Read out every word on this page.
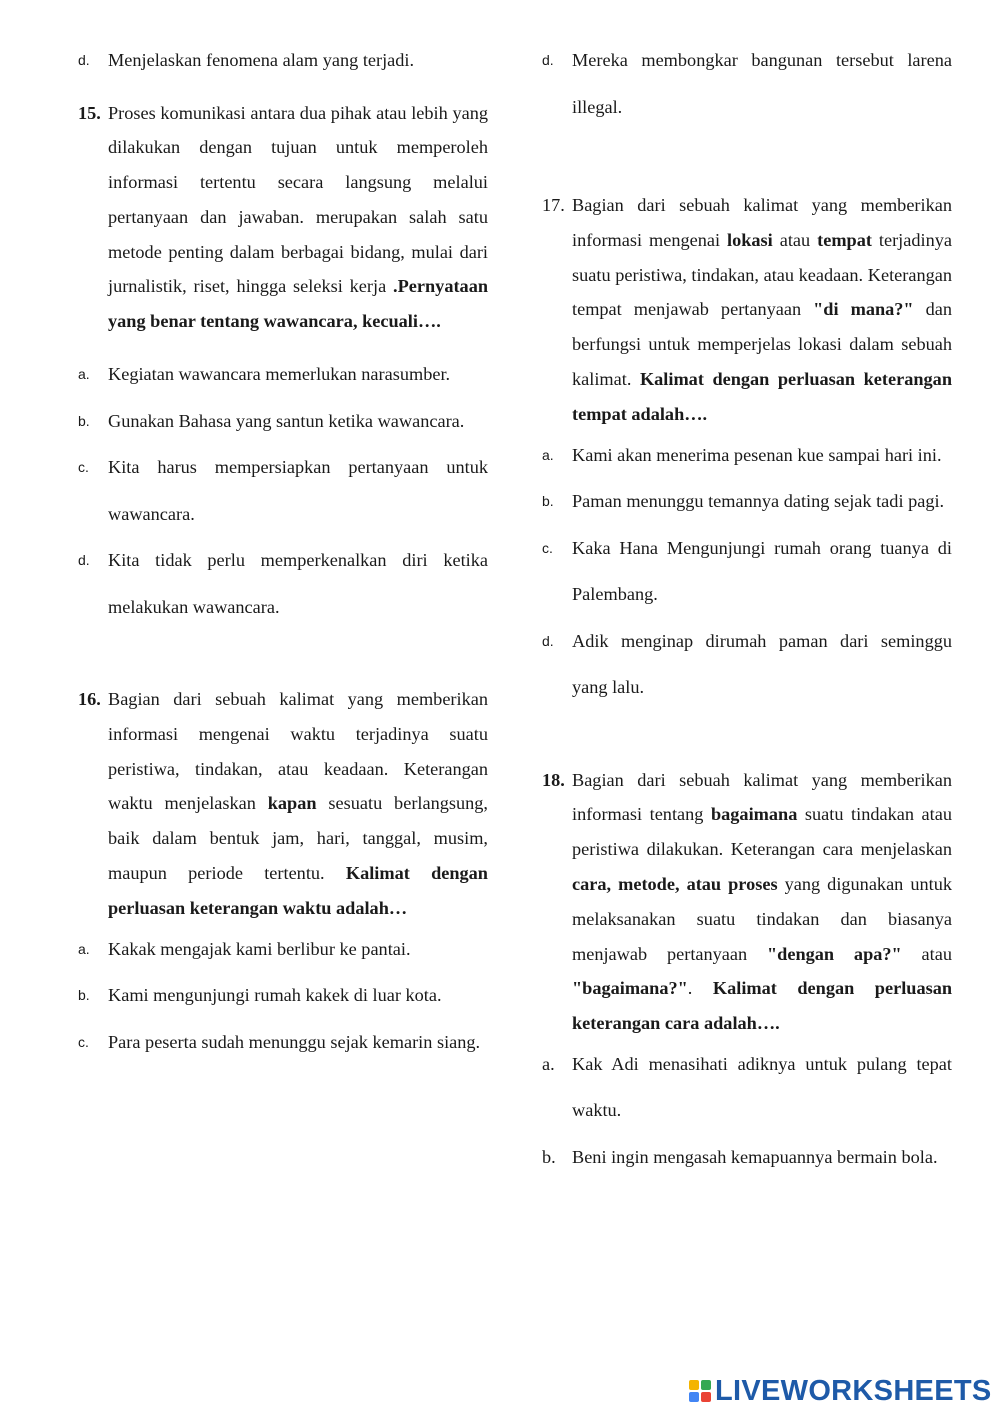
d. Menjelaskan fenomena alam yang terjadi.
15. Proses komunikasi antara dua pihak atau lebih yang dilakukan dengan tujuan untuk memperoleh informasi tertentu secara langsung melalui pertanyaan dan jawaban. merupakan salah satu metode penting dalam berbagai bidang, mulai dari jurnalistik, riset, hingga seleksi kerja .Pernyataan yang benar tentang wawancara, kecuali….
a. Kegiatan wawancara memerlukan narasumber.
b. Gunakan Bahasa yang santun ketika wawancara.
c. Kita harus mempersiapkan pertanyaan untuk wawancara.
d. Kita tidak perlu memperkenalkan diri ketika melakukan wawancara.
16. Bagian dari sebuah kalimat yang memberikan informasi mengenai waktu terjadinya suatu peristiwa, tindakan, atau keadaan. Keterangan waktu menjelaskan kapan sesuatu berlangsung, baik dalam bentuk jam, hari, tanggal, musim, maupun periode tertentu. Kalimat dengan perluasan keterangan waktu adalah…
a. Kakak mengajak kami berlibur ke pantai.
b. Kami mengunjungi rumah kakek di luar kota.
c. Para peserta sudah menunggu sejak kemarin siang.
d. Mereka membongkar bangunan tersebut larena illegal.
17. Bagian dari sebuah kalimat yang memberikan informasi mengenai lokasi atau tempat terjadinya suatu peristiwa, tindakan, atau keadaan. Keterangan tempat menjawab pertanyaan "di mana?" dan berfungsi untuk memperjelas lokasi dalam sebuah kalimat. Kalimat dengan perluasan keterangan tempat adalah….
a. Kami akan menerima pesenan kue sampai hari ini.
b. Paman menunggu temannya dating sejak tadi pagi.
c. Kaka Hana Mengunjungi rumah orang tuanya di Palembang.
d. Adik menginap dirumah paman dari seminggu yang lalu.
18. Bagian dari sebuah kalimat yang memberikan informasi tentang bagaimana suatu tindakan atau peristiwa dilakukan. Keterangan cara menjelaskan cara, metode, atau proses yang digunakan untuk melaksanakan suatu tindakan dan biasanya menjawab pertanyaan "dengan apa?" atau "bagaimana?". Kalimat dengan perluasan keterangan cara adalah….
a. Kak Adi menasihati adiknya untuk pulang tepat waktu.
b. Beni ingin mengasah kemapuannya bermain bola.
LIVEWORKSHEETS
